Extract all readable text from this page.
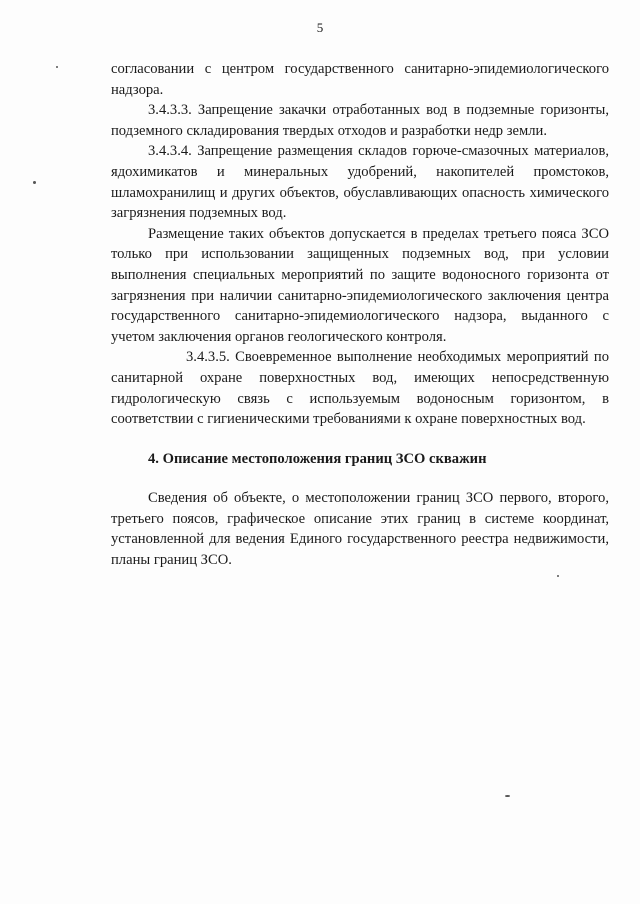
5

согласовании с центром государственного санитарно-эпидемиологического надзора.

3.4.3.3. Запрещение закачки отработанных вод в подземные горизонты, подземного складирования твердых отходов и разработки недр земли.

3.4.3.4. Запрещение размещения складов горюче-смазочных материалов, ядохимикатов и минеральных удобрений, накопителей промстоков, шламохранилищ и других объектов, обуславливающих опасность химического загрязнения подземных вод.

Размещение таких объектов допускается в пределах третьего пояса ЗСО только при использовании защищенных подземных вод, при условии выполнения специальных мероприятий по защите водоносного горизонта от загрязнения при наличии санитарно-эпидемиологического заключения центра государственного санитарно-эпидемиологического надзора, выданного с учетом заключения органов геологического контроля.

3.4.3.5. Своевременное выполнение необходимых мероприятий по санитарной охране поверхностных вод, имеющих непосредственную гидрологическую связь с используемым водоносным горизонтом, в соответствии с гигиеническими требованиями к охране поверхностных вод.

4. Описание местоположения границ ЗСО скважин

Сведения об объекте, о местоположении границ ЗСО первого, второго, третьего поясов, графическое описание этих границ в системе координат, установленной для ведения Единого государственного реестра недвижимости, планы границ ЗСО.
